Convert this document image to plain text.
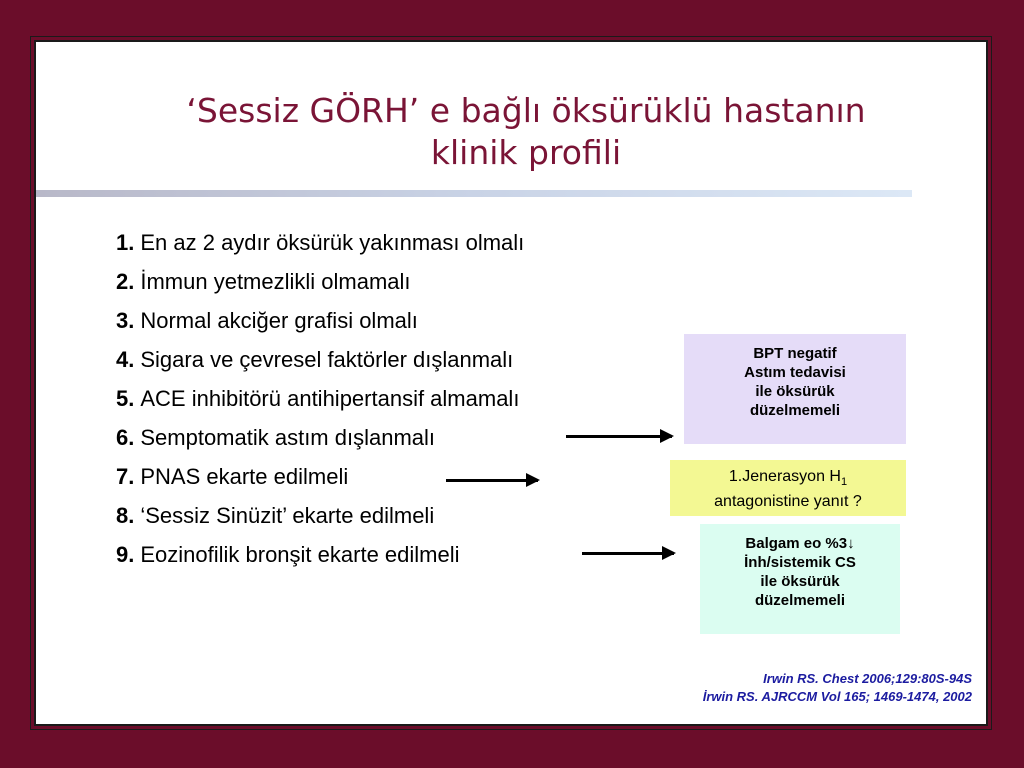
‘Sessiz GÖRH’ e bağlı öksürüklü hastanın
klinik profili
1. En az 2 aydır öksürük yakınması olmalı
2. İmmun yetmezlikli olmamalı
3. Normal akciğer grafisi olmalı
4. Sigara ve çevresel faktörler dışlanmalı
5. ACE inhibitörü antihipertansif almamalı
6. Semptomatik astım dışlanmalı
7. PNAS ekarte edilmeli
8. ‘Sessiz Sinüzit’ ekarte edilmeli
9. Eozinofilik bronşit ekarte edilmeli
BPT negatif
Astım tedavisi
ile öksürük
düzelmemeli
1.Jenerasyon $H_1$
antagonistine yanıt ?
Balgam eo %3↓
İnh/sistemik CS
ile öksürük
düzelmemeli
Irwin RS. Chest 2006;129:80S-94S
İrwin RS. AJRCCM Vol 165; 1469-1474, 2002
